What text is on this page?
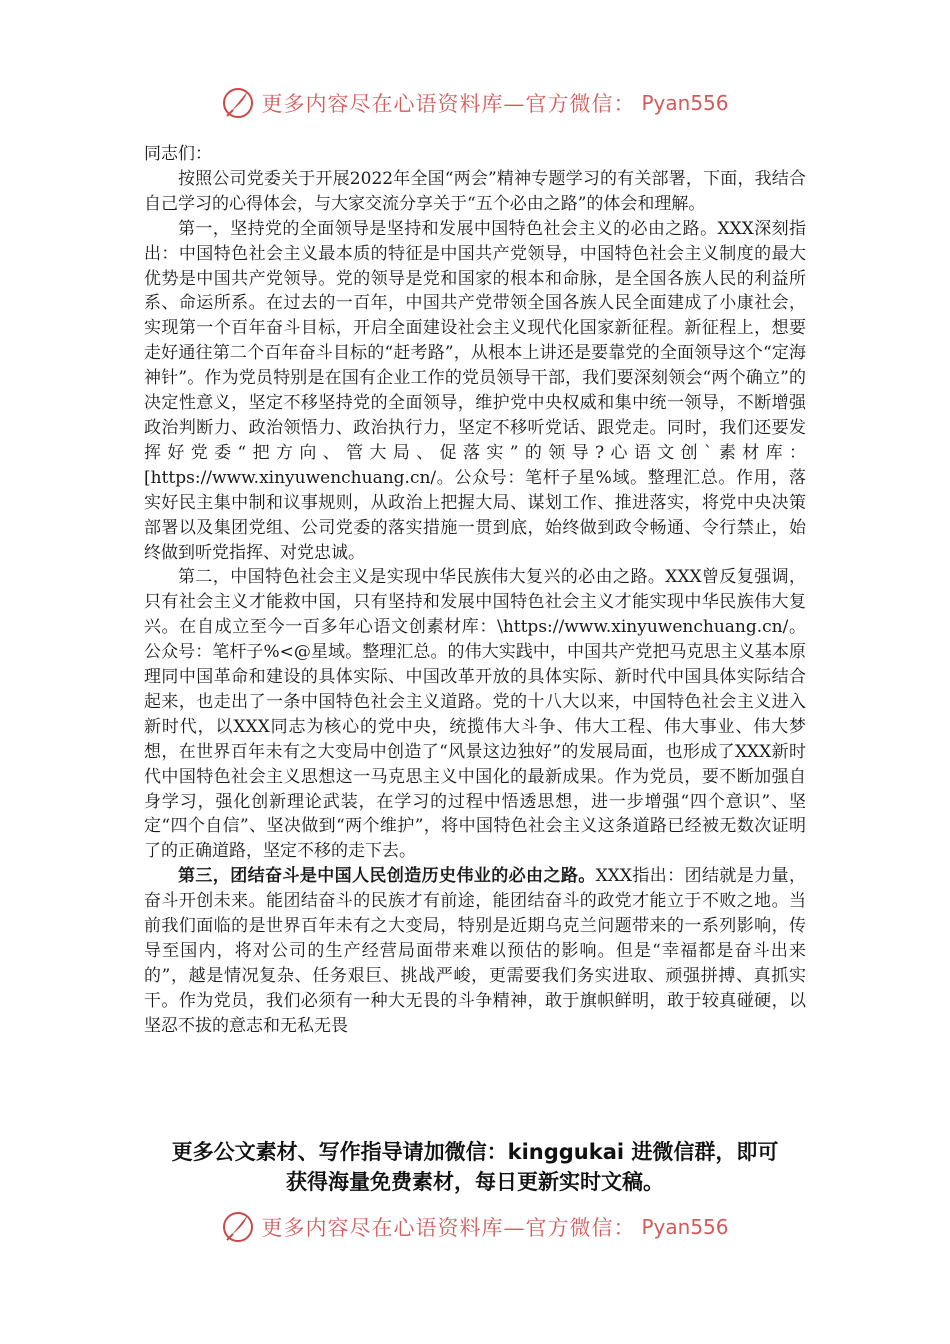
更多内容尽在心语资料库—官方微信： Pyan556

同志们：

按照公司党委关于开展2022年全国“两会”精神专题学习的有关部署，下面，我结合自己学习的心得体会，与大家交流分享关于“五个必由之路”的体会和理解。

第一，坚持党的全面领导是坚持和发展中国特色社会主义的必由之路。XXX深刻指出：中国特色社会主义最本质的特征是中国共产党领导，中国特色社会主义制度的最大优势是中国共产党领导。党的领导是党和国家的根本和命脉，是全国各族人民的利益所系、命运所系。在过去的一百年，中国共产党带领全国各族人民全面建成了小康社会，实现第一个百年奋斗目标，开启全面建设社会主义现代化国家新征程。新征程上，想要走好通往第二个百年奋斗目标的“赶考路”，从根本上讲还是要靠党的全面领导这个“定海神针”。作为党员特别是在国有企业工作的党员领导干部，我们要深刻领会“两个确立”的决定性意义，坚定不移坚持党的全面领导，维护党中央权威和集中统一领导，不断增强政治判断力、政治领悟力、政治执行力，坚定不移听党话、跟党走。同时，我们还要发挥好党委“把方向、管大局、促落实”的领导?心语文创`素材库：[https://www.xinyuwenchuang.cn/。公众号：笔杆子星%域。整理汇总。作用，落实好民主集中制和议事规则，从政治上把握大局、谋划工作、推进落实，将党中央决策部署以及集团党组、公司党委的落实措施一贯到底，始终做到政令畅通、令行禁止，始终做到听党指挥、对党忠诚。

第二，中国特色社会主义是实现中华民族伟大复兴的必由之路。XXX曾反复强调，只有社会主义才能救中国，只有坚持和发展中国特色社会主义才能实现中华民族伟大复兴。在自成立至今一百多年心语文创素材库：\https://www.xinyuwenchuang.cn/。公众号：笔杆子%<@星域。整理汇总。的伟大实践中，中国共产党把马克思主义基本原理同中国革命和建设的具体实际、中国改革开放的具体实际、新时代中国具体实际结合起来，也走出了一条中国特色社会主义道路。党的十八大以来，中国特色社会主义进入新时代，以XXX同志为核心的党中央，统揽伟大斗争、伟大工程、伟大事业、伟大梦想，在世界百年未有之大变局中创造了“风景这边独好”的发展局面，也形成了XXX新时代中国特色社会主义思想这一马克思主义中国化的最新成果。作为党员，要不断加强自身学习，强化创新理论武装，在学习的过程中悟透思想，进一步增强“四个意识”、坚定“四个自信”、坚决做到“两个维护”，将中国特色社会主义这条道路已经被无数次证明了的正确道路，坚定不移的走下去。

第三，团结奋斗是中国人民创造历史伟业的必由之路。XXX指出：团结就是力量，奋斗开创未来。能团结奋斗的民族才有前途，能团结奋斗的政党才能立于不败之地。当前我们面临的是世界百年未有之大变局，特别是近期乌克兰问题带来的一系列影响，传导至国内，将对公司的生产经营局面带来难以预估的影响。但是“幸福都是奋斗出来的”，越是情况复杂、任务艰巨、挑战严峻，更需要我们务实进取、顽强拼搏、真抓实干。作为党员，我们必须有一种大无畏的斗争精神，敢于旗帜鲜明，敢于较真碰硬，以坚忍不拔的意志和无私无畏

更多公文素材、写作指导请加微信：kinggukai 进微信群，即可
获得海量免费素材，每日更新实时文稿。
更多内容尽在心语资料库—官方微信： Pyan556
